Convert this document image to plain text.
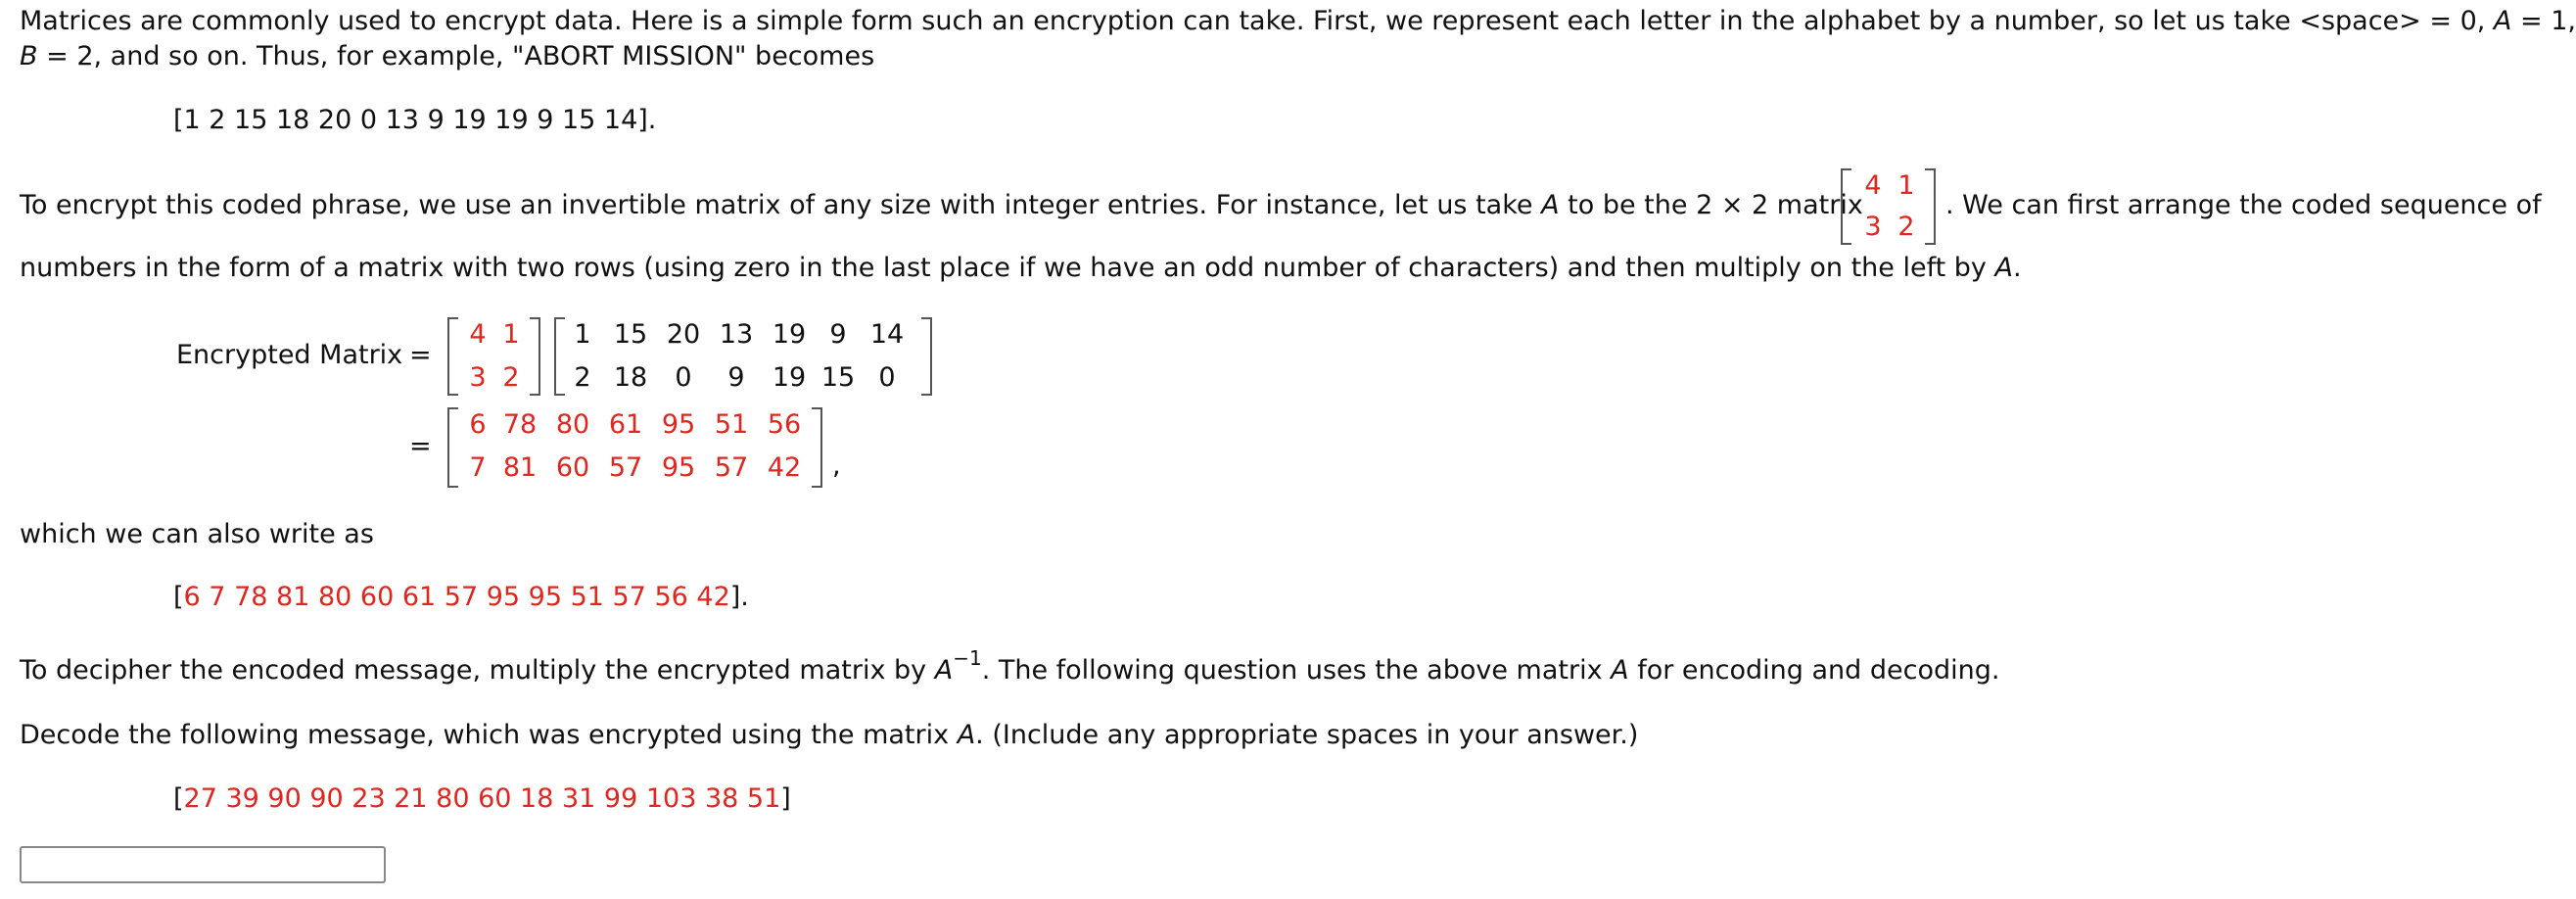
Matrices are commonly used to encrypt data. Here is a simple form such an encryption can take. First, we represent each letter in the alphabet by a number, so let us take <space> = 0, A = 1,
B = 2, and so on. Thus, for example, "ABORT MISSION" becomes
[1 2 15 18 20 0 13 9 19 19 9 15 14].
To encrypt this coded phrase, we use an invertible matrix of any size with integer entries. For instance, let us take A to be the 2 × 2 matrix
4 1
3 2
. We can first arrange the coded sequence of
numbers in the form of a matrix with two rows (using zero in the last place if we have an odd number of characters) and then multiply on the left by A.
Encrypted Matrix =
4 1
3 2
1 15 20 13 19 9 14
2 18	0	9	19 15 0
=
6 78 80 61 95 51 56
7 81 60 57 95 57 42 ,
which we can also write as
[6 7 78 81 80 60 61 57 95 95 51 57 56 42].
To decipher the encoded message, multiply the encrypted matrix by $A^{-1}$. The following question uses the above matrix A for encoding and decoding.
Decode the following message, which was encrypted using the matrix A. (Include any appropriate spaces in your answer.)
[27 39 90 90 23 21 80 60 18 31 99 103 38 51]
